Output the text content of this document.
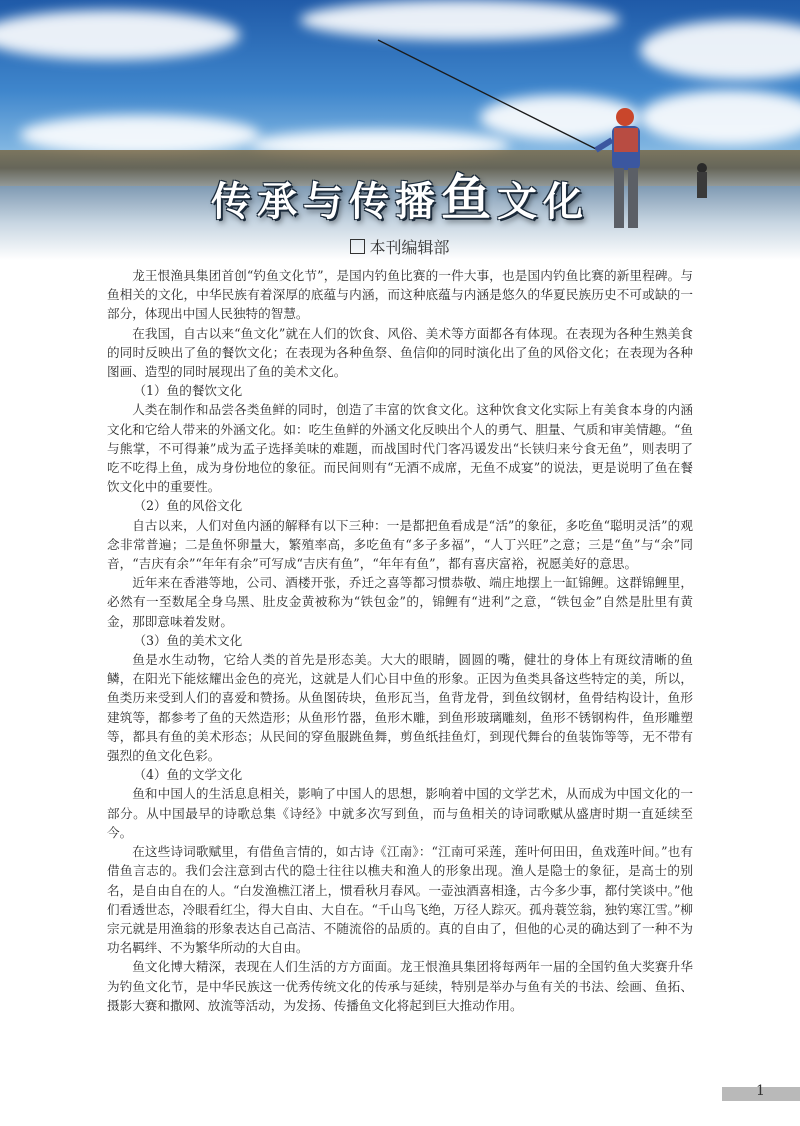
传承与传播鱼文化
本刊编辑部

龙王恨渔具集团首创“钓鱼文化节”，是国内钓鱼比赛的一件大事，也是国内钓鱼比赛的新里程碑。与鱼相关的文化，中华民族有着深厚的底蕴与内涵，而这种底蕴与内涵是悠久的华夏民族历史不可或缺的一部分，体现出中国人民独特的智慧。

在我国，自古以来“鱼文化”就在人们的饮食、风俗、美术等方面都各有体现。在表现为各种生熟美食的同时反映出了鱼的餐饮文化；在表现为各种鱼祭、鱼信仰的同时演化出了鱼的风俗文化；在表现为各种图画、造型的同时展现出了鱼的美术文化。

（1）鱼的餐饮文化

人类在制作和品尝各类鱼鲜的同时，创造了丰富的饮食文化。这种饮食文化实际上有美食本身的内涵文化和它给人带来的外涵文化。如：吃生鱼鲜的外涵文化反映出个人的勇气、胆量、气质和审美情趣。“鱼与熊掌，不可得兼”成为孟子选择美味的难题，而战国时代门客冯谖发出“长铗归来兮食无鱼”，则表明了吃不吃得上鱼，成为身份地位的象征。而民间则有“无酒不成席，无鱼不成宴”的说法，更是说明了鱼在餐饮文化中的重要性。

（2）鱼的风俗文化

自古以来，人们对鱼内涵的解释有以下三种：一是都把鱼看成是“活”的象征，多吃鱼“聪明灵活”的观念非常普遍；二是鱼怀卵量大，繁殖率高，多吃鱼有“多子多福”，“人丁兴旺”之意；三是“鱼”与“余”同音，“吉庆有余”“年年有余”可写成“吉庆有鱼”，“年年有鱼”，都有喜庆富裕，祝愿美好的意思。

近年来在香港等地，公司、酒楼开张，乔迁之喜等都习惯恭敬、端庄地摆上一缸锦鲤。这群锦鲤里，必然有一至数尾全身乌黑、肚皮金黄被称为“铁包金”的，锦鲤有“进利”之意，“铁包金”自然是肚里有黄金，那即意味着发财。

（3）鱼的美术文化

鱼是水生动物，它给人类的首先是形态美。大大的眼睛，圆圆的嘴，健壮的身体上有斑纹清晰的鱼鳞，在阳光下能炫耀出金色的亮光，这就是人们心目中鱼的形象。正因为鱼类具备这些特定的美，所以，鱼类历来受到人们的喜爱和赞扬。从鱼图砖块，鱼形瓦当，鱼背龙骨，到鱼纹钢材，鱼骨结构设计，鱼形建筑等，都参考了鱼的天然造形；从鱼形竹器，鱼形木雕，到鱼形玻璃雕刻，鱼形不锈钢构件，鱼形雕塑等，都具有鱼的美术形态；从民间的穿鱼服跳鱼舞，剪鱼纸挂鱼灯，到现代舞台的鱼装饰等等，无不带有强烈的鱼文化色彩。

（4）鱼的文学文化

鱼和中国人的生活息息相关，影响了中国人的思想，影响着中国的文学艺术，从而成为中国文化的一部分。从中国最早的诗歌总集《诗经》中就多次写到鱼，而与鱼相关的诗词歌赋从盛唐时期一直延续至今。

在这些诗词歌赋里，有借鱼言情的，如古诗《江南》：“江南可采莲，莲叶何田田，鱼戏莲叶间。”也有借鱼言志的。我们会注意到古代的隐士往往以樵夫和渔人的形象出现。渔人是隐士的象征，是高士的别名，是自由自在的人。“白发渔樵江渚上，惯看秋月春风。一壶浊酒喜相逢，古今多少事，都付笑谈中。”他们看透世态，冷眼看红尘，得大自由、大自在。“千山鸟飞绝，万径人踪灭。孤舟蓑笠翁，独钓寒江雪。”柳宗元就是用渔翁的形象表达自己高洁、不随流俗的品质的。真的自由了，但他的心灵的确达到了一种不为功名羁绊、不为繁华所动的大自由。

鱼文化博大精深，表现在人们生活的方方面面。龙王恨渔具集团将每两年一届的全国钓鱼大奖赛升华为钓鱼文化节，是中华民族这一优秀传统文化的传承与延续，特别是举办与鱼有关的书法、绘画、鱼拓、摄影大赛和撒网、放流等活动，为发扬、传播鱼文化将起到巨大推动作用。

1
